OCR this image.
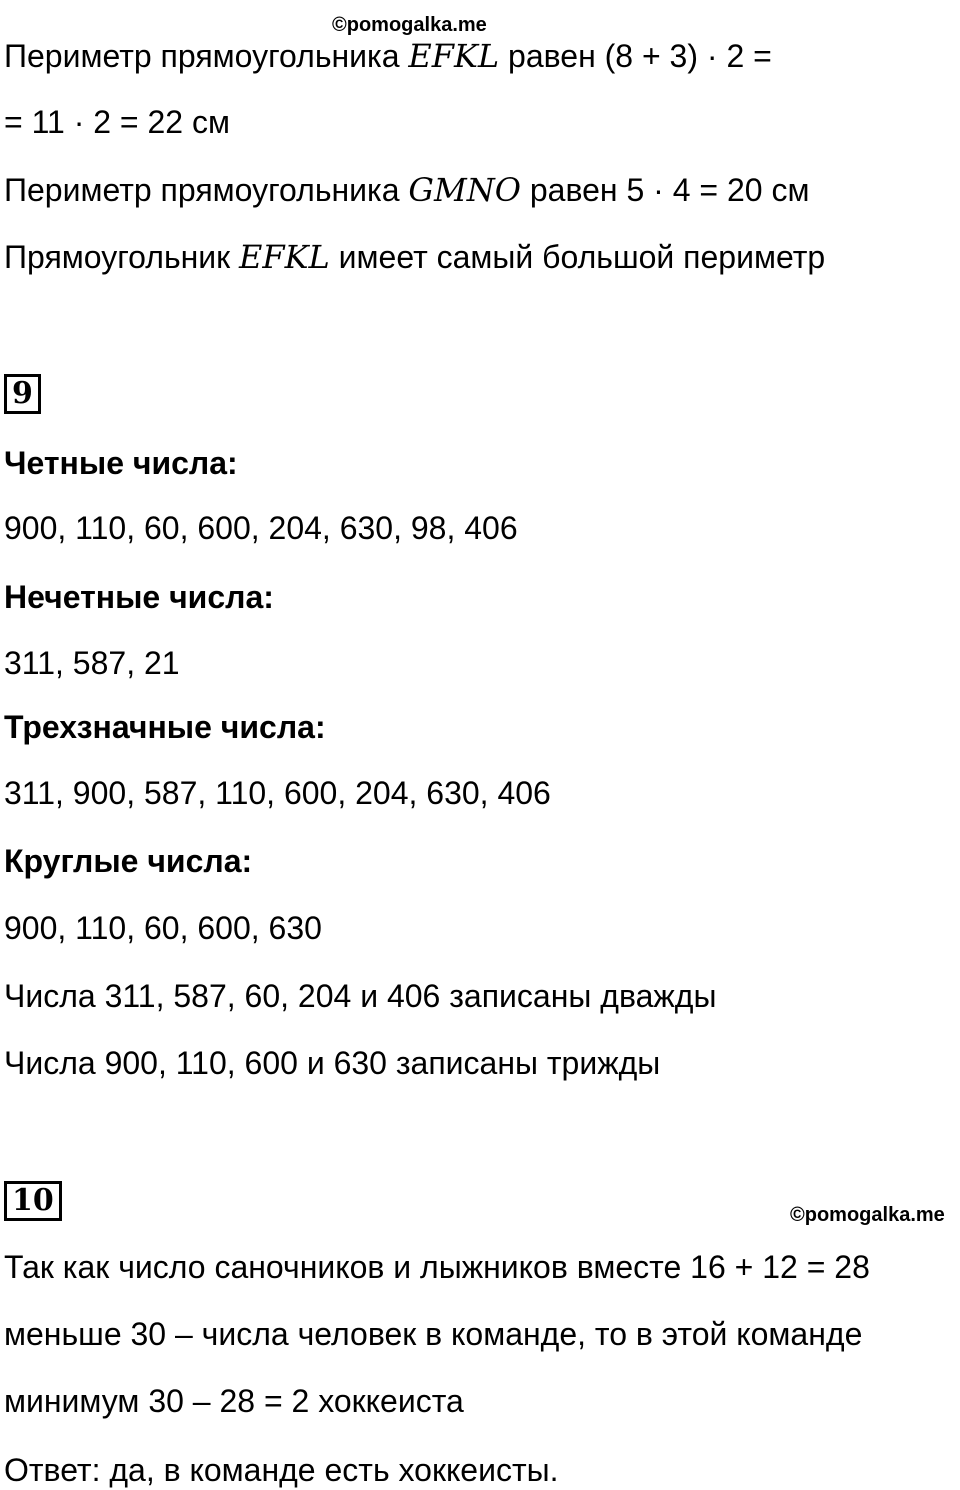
©pomogalka.me
Периметр прямоугольника EFKL равен (8 + 3) · 2 =
= 11 · 2 = 22 см
Периметр прямоугольника GMNO равен 5 · 4 = 20 см
Прямоугольник EFKL имеет самый большой периметр
9
Четные числа:
900, 110, 60, 600, 204, 630, 98, 406
Нечетные числа:
311, 587, 21
Трехзначные числа:
311, 900, 587, 110, 600, 204, 630, 406
Круглые числа:
900, 110, 60, 600, 630
Числа 311, 587, 60, 204 и 406 записаны дважды
Числа 900, 110, 600 и 630 записаны трижды
10	©pomogalka.me
Так как число саночников и лыжников вместе 16 + 12 = 28
меньше 30 – числа человек в команде, то в этой команде
минимум 30 – 28 = 2 хоккеиста
Ответ: да, в команде есть хоккеисты.
